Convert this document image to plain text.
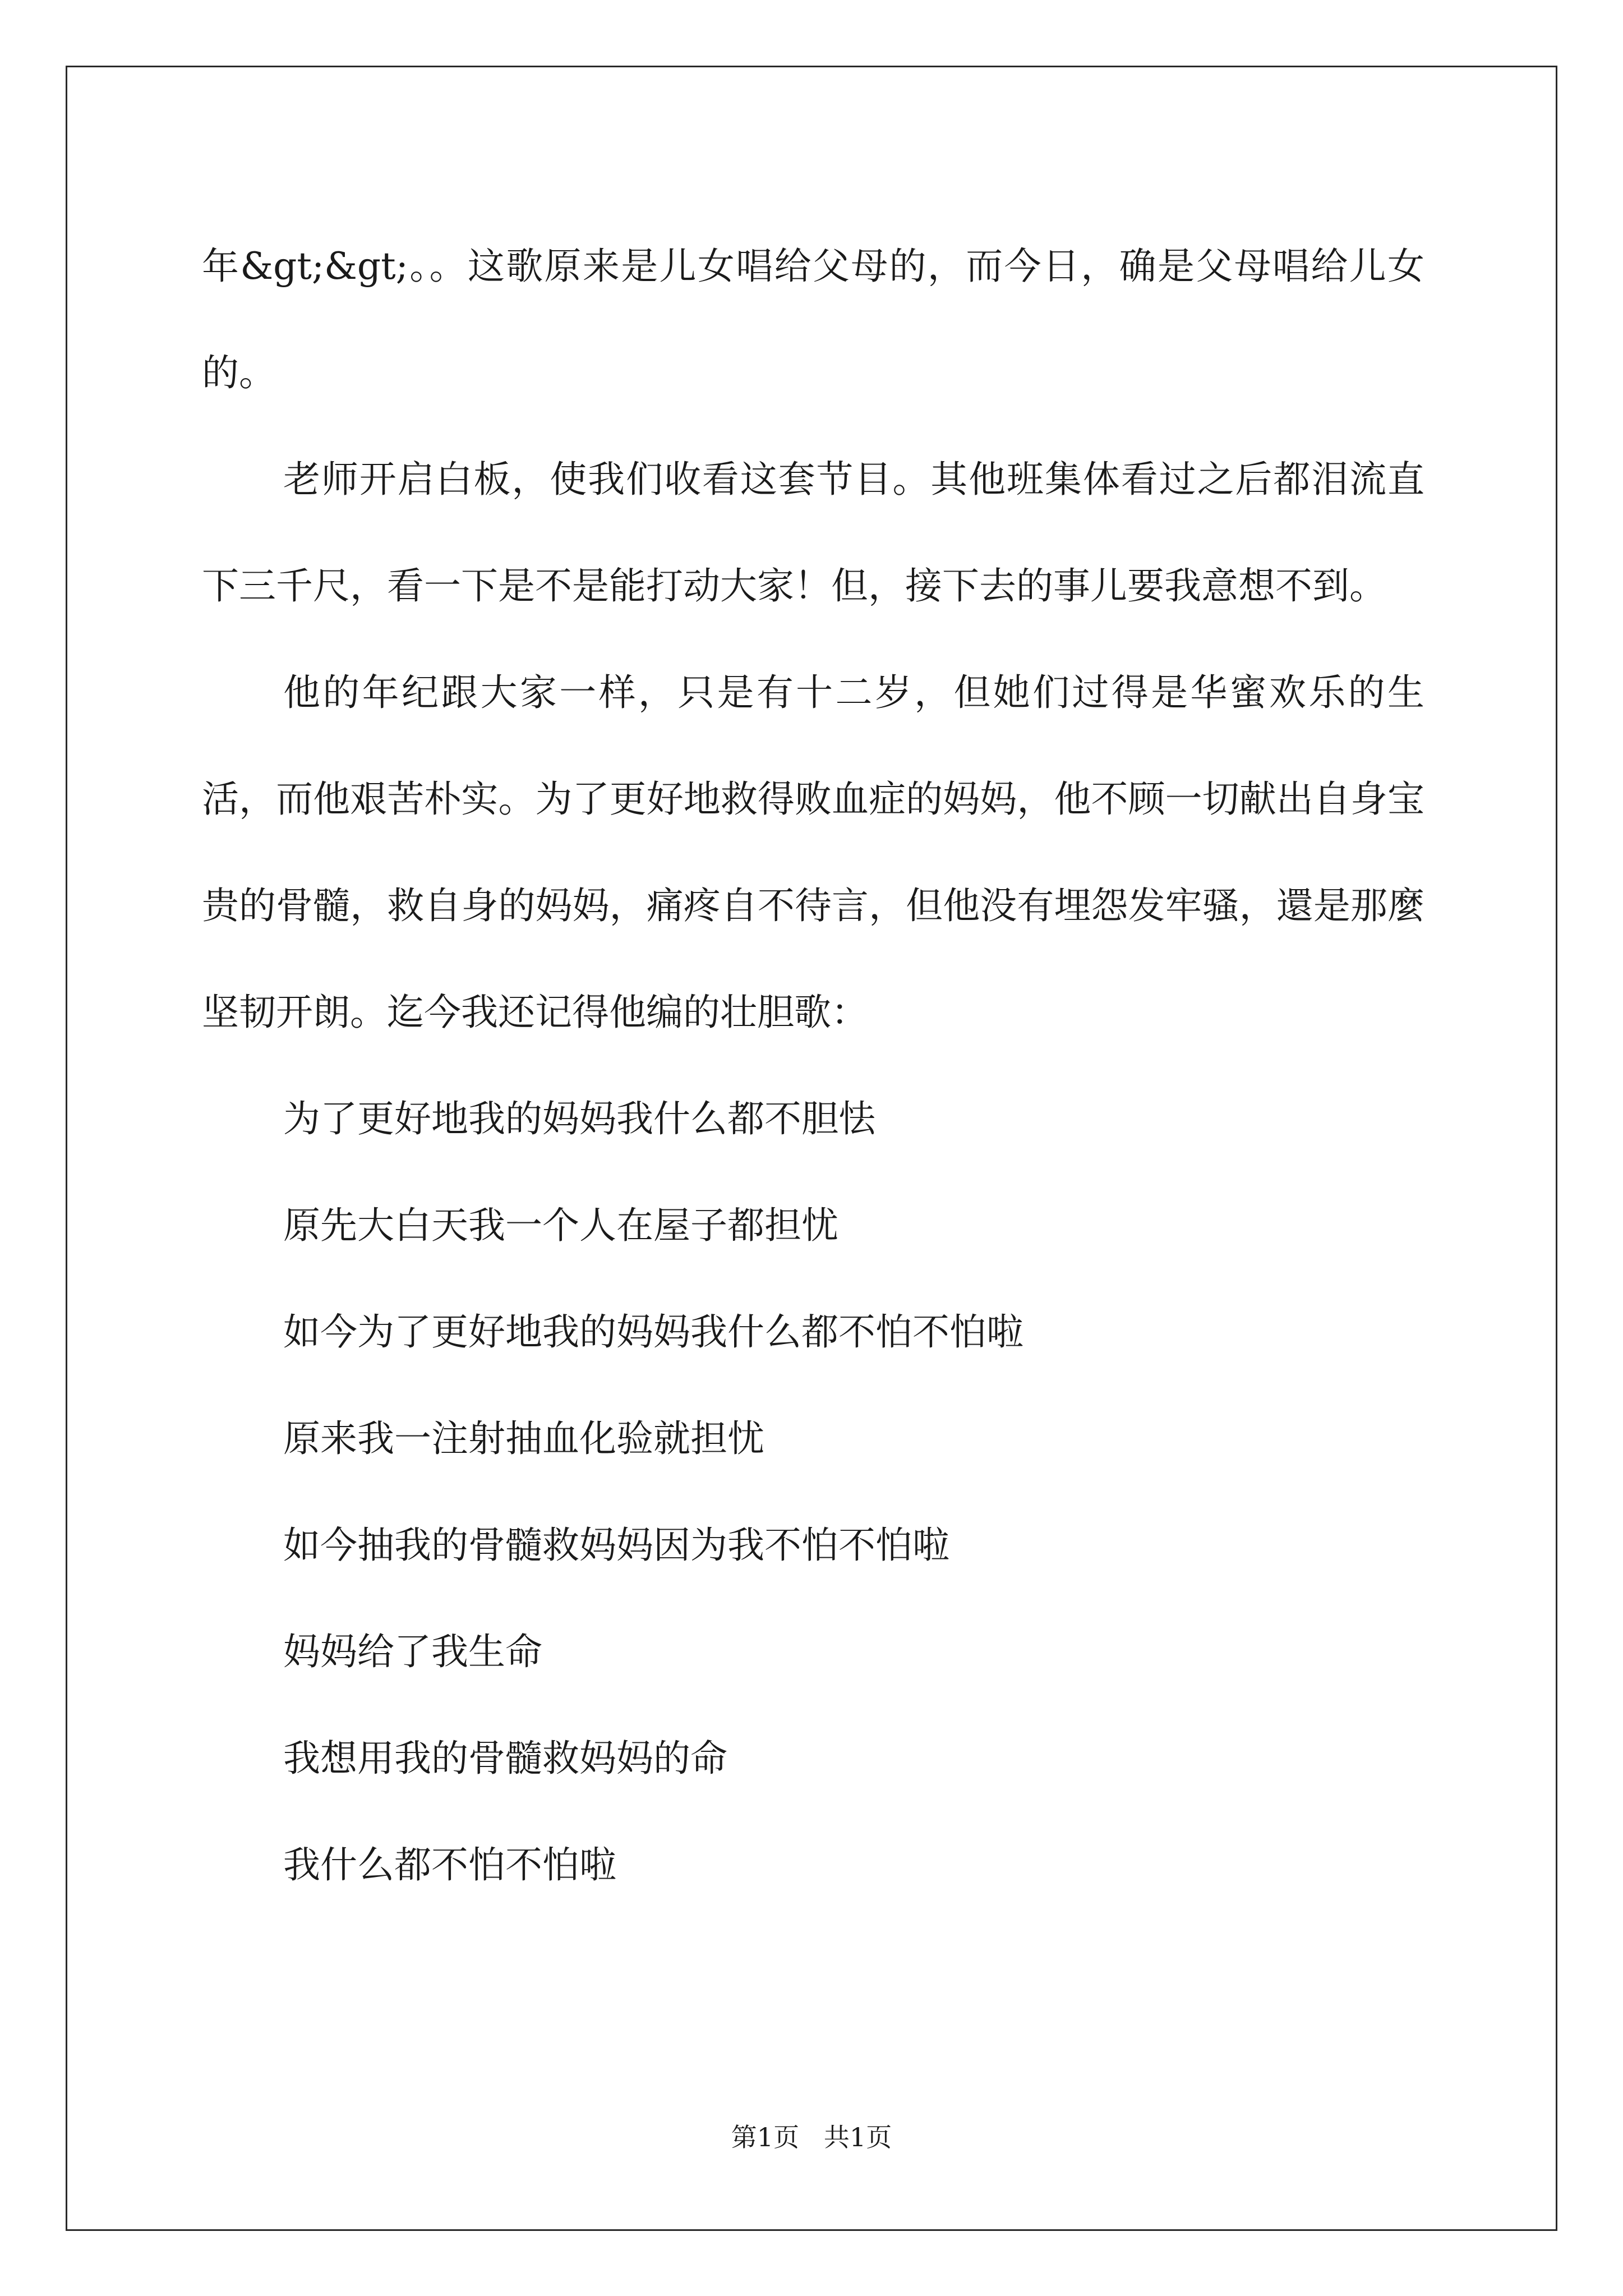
年&gt;&gt;。。这歌原来是儿女唱给父母的，而今日，确是父母唱给儿女的。

老师开启白板，使我们收看这套节目。其他班集体看过之后都泪流直下三千尺，看一下是不是能打动大家！但，接下去的事儿要我意想不到。

他的年纪跟大家一样，只是有十二岁，但她们过得是华蜜欢乐的生活，而他艰苦朴实。为了更好地救得败血症的妈妈，他不顾一切献出自身宝贵的骨髓，救自身的妈妈，痛疼自不待言，但他没有埋怨发牢骚，還是那麼坚韧开朗。迄今我还记得他编的壮胆歌：

为了更好地我的妈妈我什么都不胆怯

原先大白天我一个人在屋子都担忧

如今为了更好地我的妈妈我什么都不怕不怕啦

原来我一注射抽血化验就担忧

如今抽我的骨髓救妈妈因为我不怕不怕啦

妈妈给了我生命

我想用我的骨髓救妈妈的命

我什么都不怕不怕啦

第1页   共1页
